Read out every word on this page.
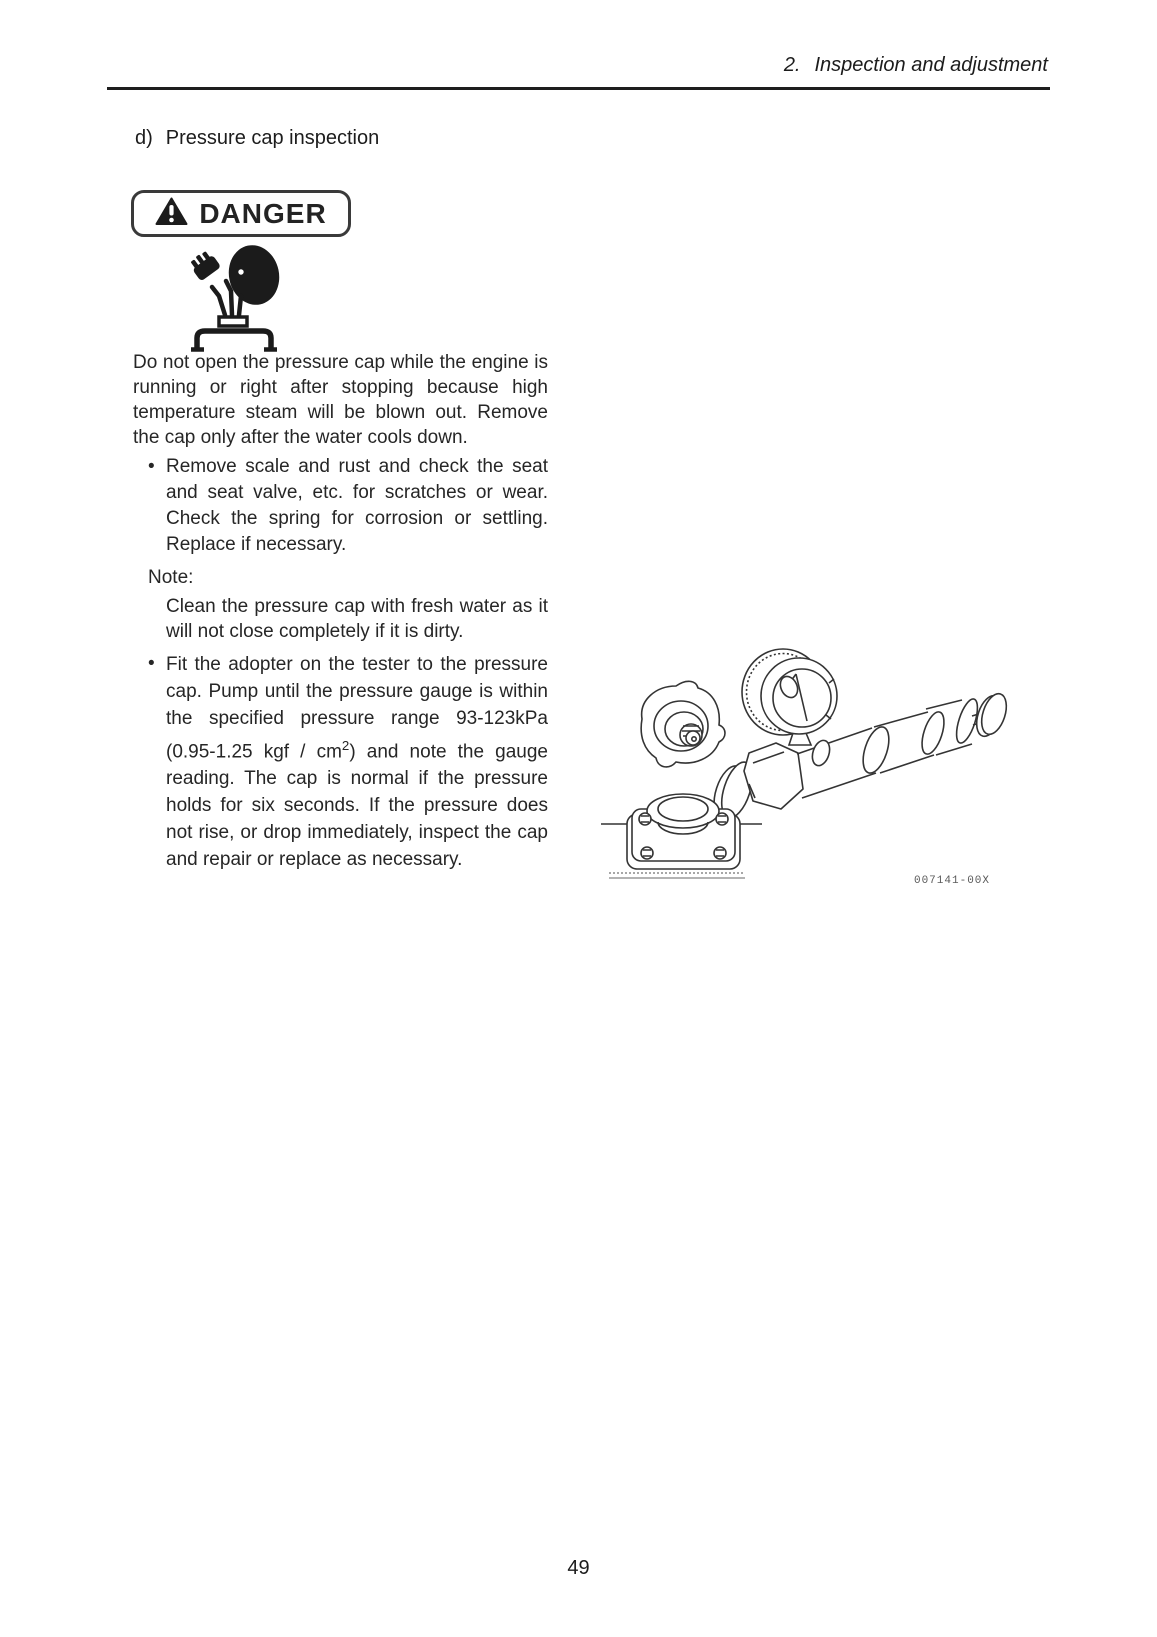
2. Inspection and adjustment
d) Pressure cap inspection
DANGER
Do not open the pressure cap while the engine is running or right after stopping because high temperature steam will be blown out. Remove the cap only after the water cools down.
• Remove scale and rust and check the seat and seat valve, etc. for scratches or wear. Check the spring for corrosion or settling. Replace if necessary.
Note:
Clean the pressure cap with fresh water as it will not close completely if it is dirty.
• Fit the adopter on the tester to the pressure cap. Pump until the pressure gauge is within the specified pressure range 93-123kPa (0.95-1.25 kgf / $cm^2$) and note the gauge reading. The cap is normal if the pressure holds for six seconds. If the pressure does not rise, or drop immediately, inspect the cap and repair or replace as necessary.
007141-00X
49
